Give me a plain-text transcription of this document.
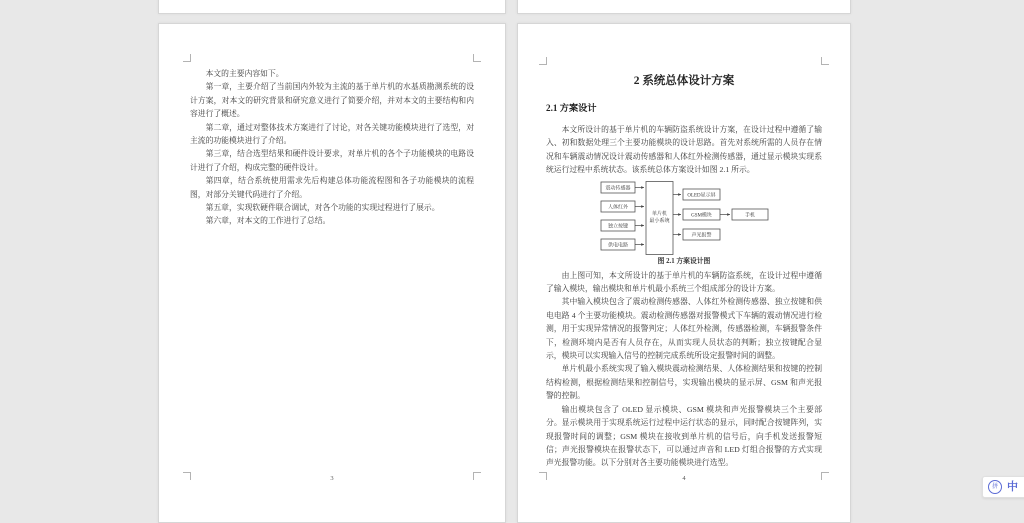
本文的主要内容如下。

第一章，主要介绍了当前国内外较为主流的基于单片机的水基质勘测系统的设计方案，对本文的研究背景和研究意义进行了简要介绍，并对本文的主要结构和内容进行了概述。

第二章，通过对整体技术方案进行了讨论，对各关键功能模块进行了选型，对主流的功能模块进行了介绍。

第三章，结合选型结果和硬件设计要求，对单片机的各个子功能模块的电路设计进行了介绍，构成完整的硬件设计。

第四章，结合系统使用需求先后构建总体功能流程图和各子功能模块的流程图，对部分关键代码进行了介绍。

第五章，实现软硬件联合调试，对各个功能的实现过程进行了展示。

第六章，对本文的工作进行了总结。

3
2 系统总体设计方案
2.1 方案设计

本文所设计的基于单片机的车辆防盗系统设计方案，在设计过程中遵循了输入、初和数据处理三个主要功能模块的设计思路。首先对系统所需的人员存在情况和车辆震动情况设计震动传感器和人体红外检测传感器，通过显示模块实现系统运行过程中系统状态。该系统总体方案设计如图 2.1 所示。

震动传感器
人体红外
独立按键
供电电路
单片机
最小系统
OLED显示屏
GSM模块
声光报警
手机
图 2.1 方案设计图

由上图可知，本文所设计的基于单片机的车辆防盗系统，在设计过程中遵循了输入模块，输出模块和单片机最小系统三个组成部分的设计方案。

其中输入模块包含了震动检测传感器、人体红外检测传感器、独立按键和供电电路 4 个主要功能模块。震动检测传感器对报警模式下车辆的震动情况进行检测，用于实现异常情况的报警判定；人体红外检测，传感器检测，车辆报警条件下，检测环境内是否有人员存在，从而实现人员状态的判断；独立按键配合显示，模块可以实现输入信号的控制完成系统所设定报警时间的调整。

单片机最小系统实现了输入模块震动检测结果、人体检测结果和按键的控制结构检测，根据检测结果和控制信号，实现输出模块的显示屏、GSM 和声光报警的控制。

输出模块包含了 OLED 显示模块、GSM 模块和声光报警模块三个主要部分。显示模块用于实现系统运行过程中运行状态的显示，同时配合按键阵列，实现报警时间的调整；GSM 模块在接收到单片机的信号后，向手机发送报警短信；声光报警模块在报警状态下，可以通过声音和 LED 灯组合报警的方式实现声光报警功能。以下分别对各主要功能模块进行选型。

4
拼 中
